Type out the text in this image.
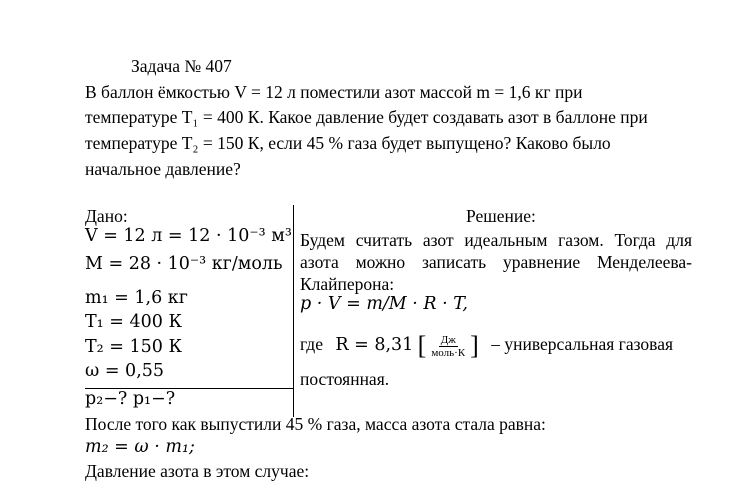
Задача № 407
В баллон ёмкостью V = 12 л поместили азот массой m = 1,6 кг при
температуре T₁ = 400 К. Какое давление будет создавать азот в баллоне при
температуре T₂ = 150 К, если 45 % газа будет выпущено? Каково было
начальное давление?
Дано:
V = 12 л = 12 · 10⁻³ м³
M = 28 · 10⁻³ кг/моль
m₁ = 1,6 кг
T₁ = 400 К
T₂ = 150 К
ω = 0,55
p₂−? p₁−?
Решение:
Будем считать азот идеальным газом. Тогда для азота можно записать уравнение Менделеева-Клайперона:
p · V = m/M · R · T,
где R = 8,31 [ $\frac{Дж}{\text{моль·К}}$ ] – универсальная газовая
постоянная.
После того как выпустили 45 % газа, масса азота стала равна:
m₂ = ω · m₁;
Давление азота в этом случае:
